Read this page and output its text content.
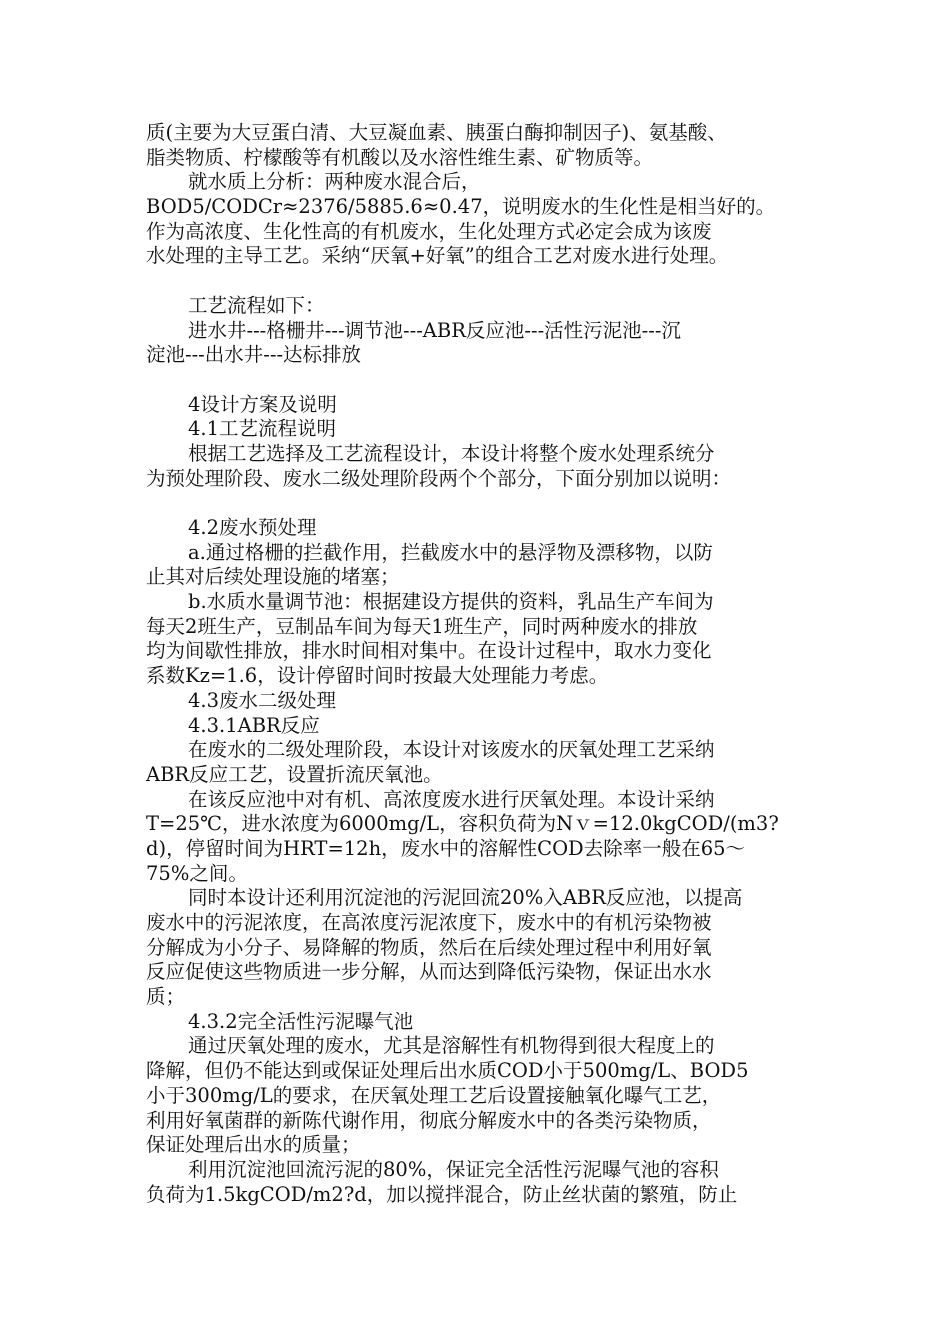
质(主要为大豆蛋白清、大豆凝血素、胰蛋白酶抑制因子)、氨基酸、
脂类物质、柠檬酸等有机酸以及水溶性维生素、矿物质等。
就水质上分析：两种废水混合后，
BOD5/CODCr≈2376/5885.6≈0.47，说明废水的生化性是相当好的。
作为高浓度、生化性高的有机废水，生化处理方式必定会成为该废
水处理的主导工艺。采纳“厌氧+好氧”的组合工艺对废水进行处理。
工艺流程如下：
进水井---格栅井---调节池---ABR反应池---活性污泥池---沉
淀池---出水井---达标排放
4设计方案及说明
4.1工艺流程说明
根据工艺选择及工艺流程设计，本设计将整个废水处理系统分
为预处理阶段、废水二级处理阶段两个个部分，下面分别加以说明：
4.2废水预处理
a.通过格栅的拦截作用，拦截废水中的悬浮物及漂移物，以防
止其对后续处理设施的堵塞；
b.水质水量调节池：根据建设方提供的资料，乳品生产车间为
每天2班生产，豆制品车间为每天1班生产，同时两种废水的排放
均为间歇性排放，排水时间相对集中。在设计过程中，取水力变化
系数Kz=1.6，设计停留时间时按最大处理能力考虑。
4.3废水二级处理
4.3.1ABR反应
在废水的二级处理阶段，本设计对该废水的厌氧处理工艺采纳
ABR反应工艺，设置折流厌氧池。
在该反应池中对有机、高浓度废水进行厌氧处理。本设计采纳
T=25℃，进水浓度为6000mg/L，容积负荷为Nｖ=12.0kgCOD/(m3?
d)，停留时间为HRT=12h，废水中的溶解性COD去除率一般在65～
75%之间。
同时本设计还利用沉淀池的污泥回流20%入ABR反应池，以提高
废水中的污泥浓度，在高浓度污泥浓度下，废水中的有机污染物被
分解成为小分子、易降解的物质，然后在后续处理过程中利用好氧
反应促使这些物质进一步分解，从而达到降低污染物，保证出水水
质；
4.3.2完全活性污泥曝气池
通过厌氧处理的废水，尤其是溶解性有机物得到很大程度上的
降解，但仍不能达到或保证处理后出水质COD小于500mg/L、BOD5
小于300mg/L的要求，在厌氧处理工艺后设置接触氧化曝气工艺，
利用好氧菌群的新陈代谢作用，彻底分解废水中的各类污染物质，
保证处理后出水的质量；
利用沉淀池回流污泥的80%，保证完全活性污泥曝气池的容积
负荷为1.5kgCOD/m2?d，加以搅拌混合，防止丝状菌的繁殖，防止
